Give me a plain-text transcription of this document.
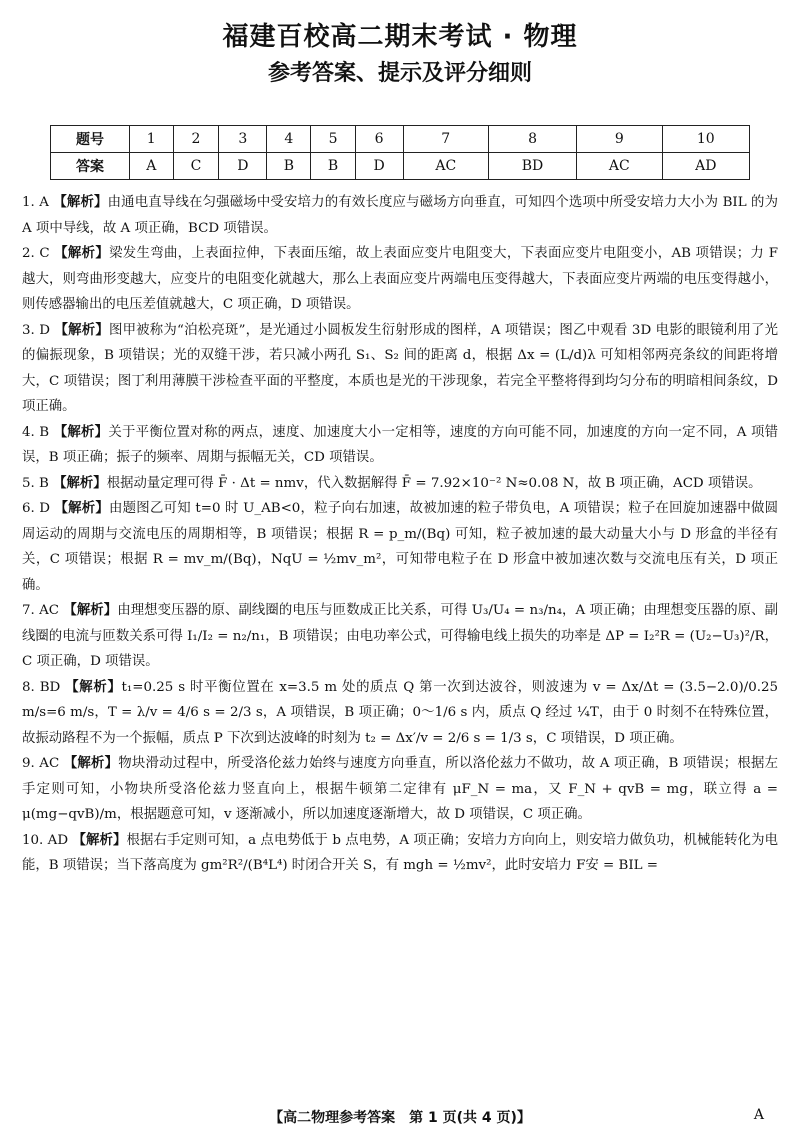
福建百校高二期末考试 · 物理
参考答案、提示及评分细则
题号	1	2	3	4	5	6	7	8	9	10
答案	A	C	D	B	B	D	AC	BD	AC	AD

1. A 【解析】由通电直导线在匀强磁场中受安培力的有效长度应与磁场方向垂直，可知四个选项中所受安培力大小为 BIL 的为 A 项中导线，故 A 项正确，BCD 项错误。

2. C 【解析】梁发生弯曲，上表面拉伸，下表面压缩，故上表面应变片电阻变大，下表面应变片电阻变小，AB 项错误；力 F 越大，则弯曲形变越大，应变片的电阻变化就越大，那么上表面应变片两端电压变得越大，下表面应变片两端的电压变得越小，则传感器输出的电压差值就越大，C 项正确，D 项错误。

3. D 【解析】图甲被称为“泊松亮斑”，是光通过小圆板发生衍射形成的图样，A 项错误；图乙中观看 3D 电影的眼镜利用了光的偏振现象，B 项错误；光的双缝干涉，若只减小两孔 S₁、S₂ 间的距离 d，根据 Δx = (L/d)λ 可知相邻两亮条纹的间距将增大，C 项错误；图丁利用薄膜干涉检查平面的平整度，本质也是光的干涉现象，若完全平整将得到均匀分布的明暗相间条纹，D 项正确。

4. B 【解析】关于平衡位置对称的两点，速度、加速度大小一定相等，速度的方向可能不同，加速度的方向一定不同，A 项错误，B 项正确；振子的频率、周期与振幅无关，CD 项错误。

5. B 【解析】根据动量定理可得 F̄ · Δt = nmv，代入数据解得 F̄ = 7.92×10⁻² N≈0.08 N，故 B 项正确，ACD 项错误。

6. D 【解析】由题图乙可知 t=0 时 U_AB<0，粒子向右加速，故被加速的粒子带负电，A 项错误；粒子在回旋加速器中做圆周运动的周期与交流电压的周期相等，B 项错误；根据 R = p_m/(Bq) 可知，粒子被加速的最大动量大小与 D 形盒的半径有关，C 项错误；根据 R = mv_m/(Bq)，NqU = ½mv_m²，可知带电粒子在 D 形盒中被加速次数与交流电压有关，D 项正确。

7. AC 【解析】由理想变压器的原、副线圈的电压与匝数成正比关系，可得 U₃/U₄ = n₃/n₄，A 项正确；由理想变压器的原、副线圈的电流与匝数关系可得 I₁/I₂ = n₂/n₁，B 项错误；由电功率公式，可得输电线上损失的功率是 ΔP = I₂²R = (U₂−U₃)²/R，C 项正确，D 项错误。

8. BD 【解析】t₁=0.25 s 时平衡位置在 x=3.5 m 处的质点 Q 第一次到达波谷，则波速为 v = Δx/Δt = (3.5−2.0)/0.25 m/s=6 m/s，T = λ/v = 4/6 s = 2/3 s，A 项错误，B 项正确；0～1/6 s 内，质点 Q 经过 ¼T，由于 0 时刻不在特殊位置，故振动路程不为一个振幅，质点 P 下次到达波峰的时刻为 t₂ = Δx′/v = 2/6 s = 1/3 s，C 项错误，D 项正确。

9. AC 【解析】物块滑动过程中，所受洛伦兹力始终与速度方向垂直，所以洛伦兹力不做功，故 A 项正确，B 项错误；根据左手定则可知，小物块所受洛伦兹力竖直向上，根据牛顿第二定律有 μF_N = ma，又 F_N + qvB = mg，联立得 a = μ(mg−qvB)/m，根据题意可知，v 逐渐减小，所以加速度逐渐增大，故 D 项错误，C 项正确。

10. AD 【解析】根据右手定则可知，a 点电势低于 b 点电势，A 项正确；安培力方向向上，则安培力做负功，机械能转化为电能，B 项错误；当下落高度为 gm²R²/(B⁴L⁴) 时闭合开关 S，有 mgh = ½mv²，此时安培力 F安 = BIL =

【高二物理参考答案　第 1 页(共 4 页)】	A
